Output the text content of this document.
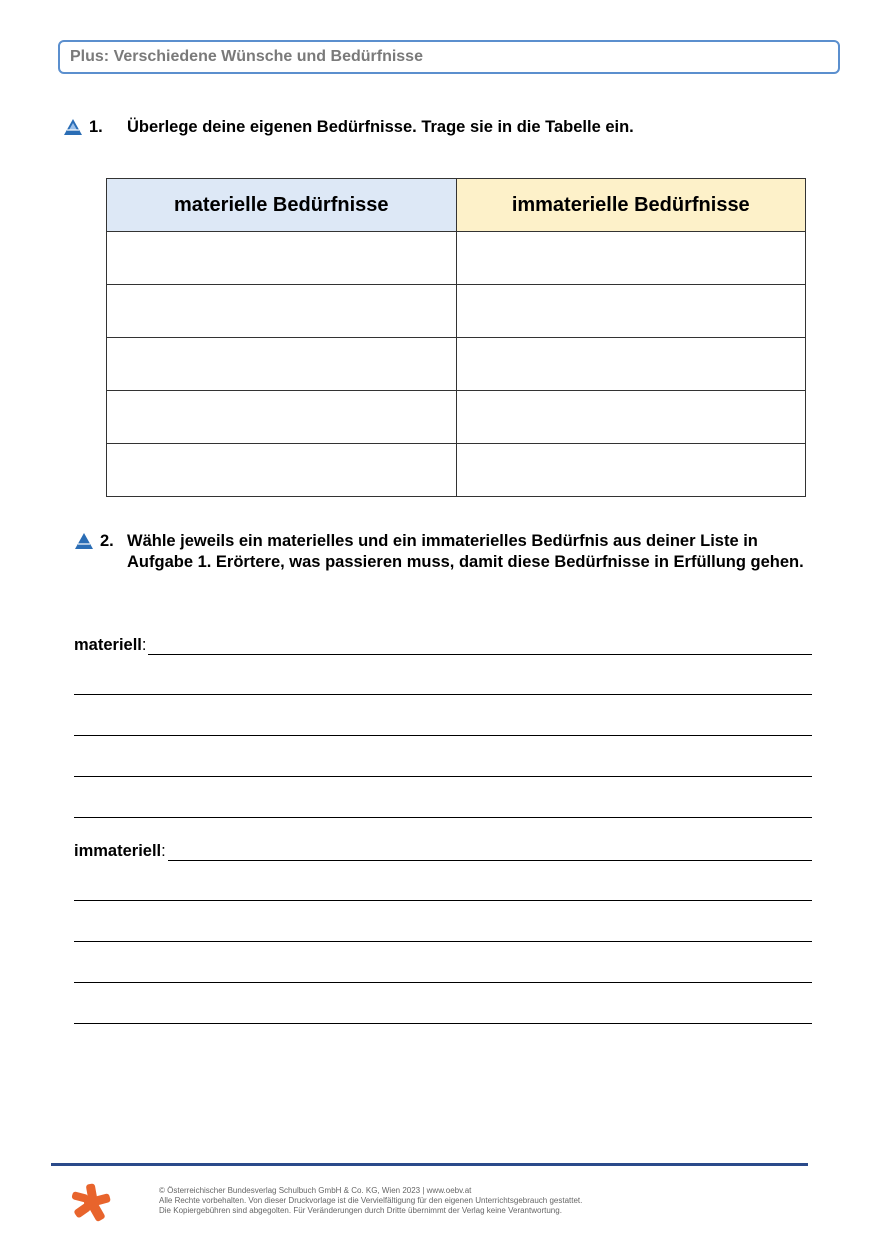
Plus: Verschiedene Wünsche und Bedürfnisse
1. Überlege deine eigenen Bedürfnisse. Trage sie in die Tabelle ein.
materielle Bedürfnisse	immaterielle Bedürfnisse

2. Wähle jeweils ein materielles und ein immaterielles Bedürfnis aus deiner Liste in Aufgabe 1. Erörtere, was passieren muss, damit diese Bedürfnisse in Erfüllung gehen.
materiell :
immateriell :
© Österreichischer Bundesverlag Schulbuch GmbH & Co. KG, Wien 2023 | www.oebv.at
Alle Rechte vorbehalten. Von dieser Druckvorlage ist die Vervielfältigung für den eigenen Unterrichtsgebrauch gestattet.
Die Kopiergebühren sind abgegolten. Für Veränderungen durch Dritte übernimmt der Verlag keine Verantwortung.
